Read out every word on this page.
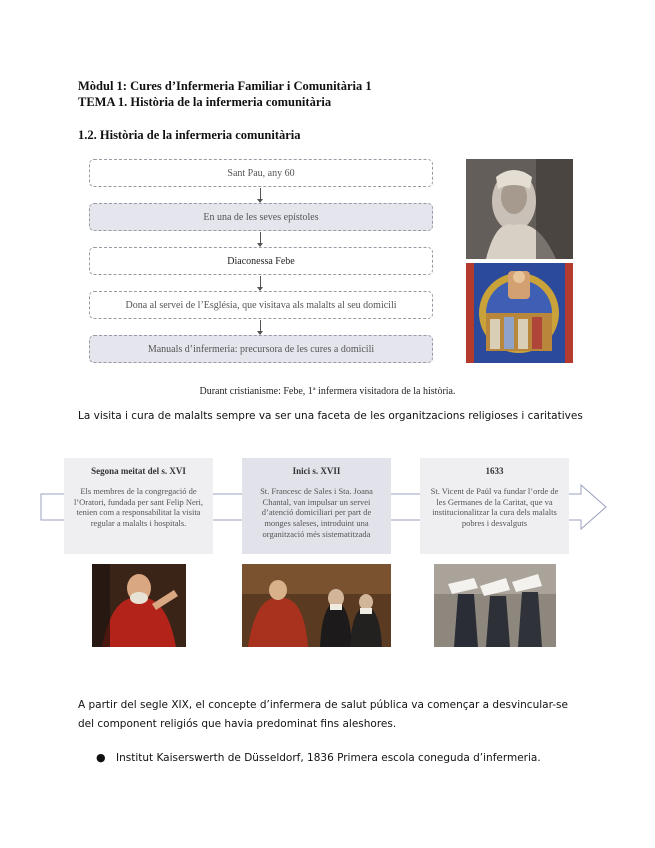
Mòdul 1: Cures d’Infermeria Familiar i Comunitària 1
TEMA 1. Història de la infermeria comunitària
1.2. Història de la infermeria comunitària
Sant Pau, any 60
En una de les seves epístoles
Diaconessa Febe
Dona al servei de l’Església, que visitava als malalts al seu domicili
Manuals d’infermeria: precursora de les cures a domicili
Durant cristianisme: Febe, 1ª infermera visitadora de la història.
La visita i cura de malalts sempre va ser una faceta de les organitzacions religioses i caritatives
Segona meitat del s. XVI
Els membres de la congregació de l’Oratori, fundada per sant Felip Neri, tenien com a responsabilitat la visita regular a malalts i hospitals.
Inici s. XVII
St. Francesc de Sales i Sta. Joana Chantal, van impulsar un servei d’atenció domiciliari per part de monges saleses, introduint una organització més sistematitzada
1633
St. Vicent de Paül va fundar l’orde de les Germanes de la Caritat, que va institucionalitzar la cura dels malalts pobres i desvalguts
A partir del segle XIX, el concepte d’infermera de salut pública va començar a desvincular-se del component religiós que havia predominat fins aleshores.
● Institut Kaiserswerth de Düsseldorf, 1836 Primera escola coneguda d’infermeria.
